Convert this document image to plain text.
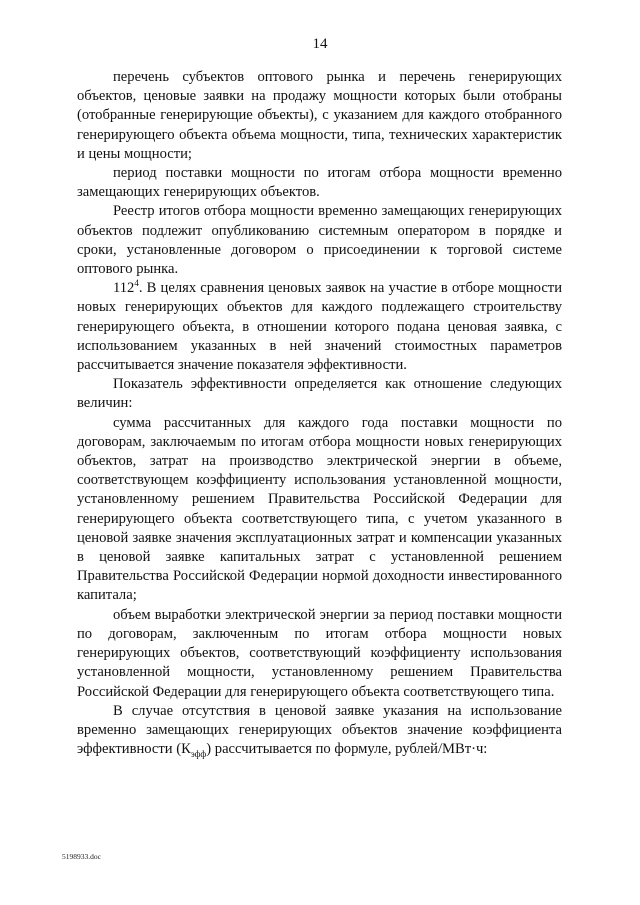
14

перечень субъектов оптового рынка и перечень генерирующих объектов, ценовые заявки на продажу мощности которых были отобраны (отобранные генерирующие объекты), с указанием для каждого отобранного генерирующего объекта объема мощности, типа, технических характеристик и цены мощности;

период поставки мощности по итогам отбора мощности временно замещающих генерирующих объектов.

Реестр итогов отбора мощности временно замещающих генерирующих объектов подлежит опубликованию системным оператором в порядке и сроки, установленные договором о присоединении к торговой системе оптового рынка.

$112^4$. В целях сравнения ценовых заявок на участие в отборе мощности новых генерирующих объектов для каждого подлежащего строительству генерирующего объекта, в отношении которого подана ценовая заявка, с использованием указанных в ней значений стоимостных параметров рассчитывается значение показателя эффективности.

Показатель эффективности определяется как отношение следующих величин:

сумма рассчитанных для каждого года поставки мощности по договорам, заключаемым по итогам отбора мощности новых генерирующих объектов, затрат на производство электрической энергии в объеме, соответствующем коэффициенту использования установленной мощности, установленному решением Правительства Российской Федерации для генерирующего объекта соответствующего типа, с учетом указанного в ценовой заявке значения эксплуатационных затрат и компенсации указанных в ценовой заявке капитальных затрат с установленной решением Правительства Российской Федерации нормой доходности инвестированного капитала;

объем выработки электрической энергии за период поставки мощности по договорам, заключенным по итогам отбора мощности новых генерирующих объектов, соответствующий коэффициенту использования установленной мощности, установленному решением Правительства Российской Федерации для генерирующего объекта соответствующего типа.

В случае отсутствия в ценовой заявке указания на использование временно замещающих генерирующих объектов значение коэффициента эффективности $(К_{эфф})$ рассчитывается по формуле, рублей/МВт·ч:

5198933.doc
